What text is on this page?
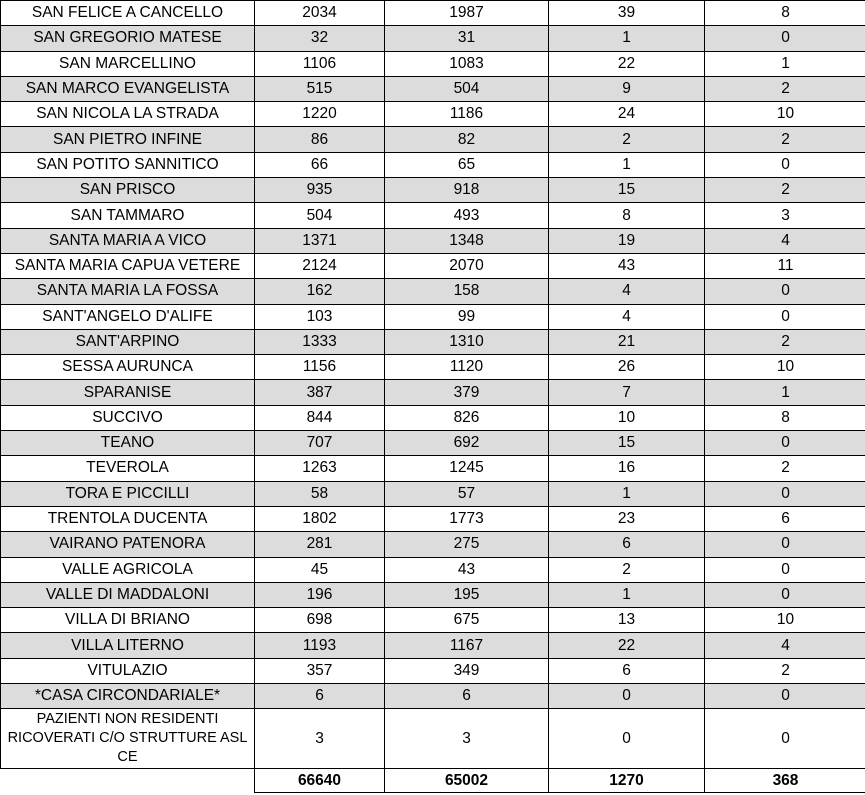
SAN FELICE A CANCELLO	2034	1987	39	8
SAN GREGORIO MATESE	32	31	1	0
SAN MARCELLINO	1106	1083	22	1
SAN MARCO EVANGELISTA	515	504	9	2
SAN NICOLA LA STRADA	1220	1186	24	10
SAN PIETRO INFINE	86	82	2	2
SAN POTITO SANNITICO	66	65	1	0
SAN PRISCO	935	918	15	2
SAN TAMMARO	504	493	8	3
SANTA MARIA A VICO	1371	1348	19	4
SANTA MARIA CAPUA VETERE	2124	2070	43	11
SANTA MARIA LA FOSSA	162	158	4	0
SANT'ANGELO D'ALIFE	103	99	4	0
SANT'ARPINO	1333	1310	21	2
SESSA AURUNCA	1156	1120	26	10
SPARANISE	387	379	7	1
SUCCIVO	844	826	10	8
TEANO	707	692	15	0
TEVEROLA	1263	1245	16	2
TORA E PICCILLI	58	57	1	0
TRENTOLA DUCENTA	1802	1773	23	6
VAIRANO PATENORA	281	275	6	0
VALLE AGRICOLA	45	43	2	0
VALLE DI MADDALONI	196	195	1	0
VILLA DI BRIANO	698	675	13	10
VILLA LITERNO	1193	1167	22	4
VITULAZIO	357	349	6	2
*CASA CIRCONDARIALE*	6	6	0	0
PAZIENTI NON RESIDENTI RICOVERATI C/O STRUTTURE ASL CE	3	3	0	0
	66640	65002	1270	368
